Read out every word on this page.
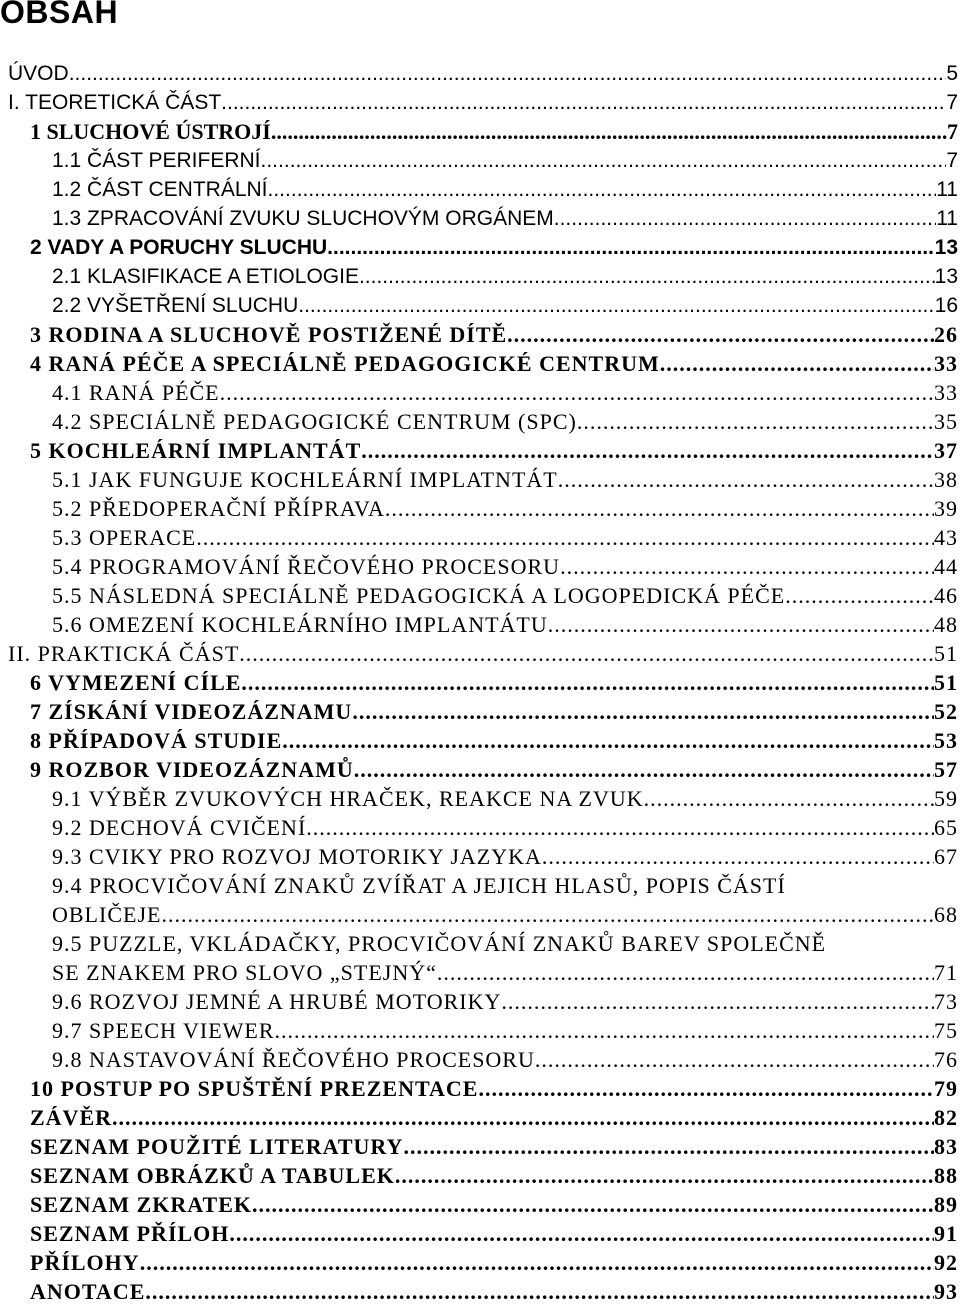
OBSAH
ÚVOD .....	5
I. TEORETICKÁ ČÁST .....	7
1 SLUCHOVÉ ÚSTROJÍ .....	7
1.1 ČÁST PERIFERNÍ .....	7
1.2 ČÁST CENTRÁLNÍ .....	11
1.3 ZPRACOVÁNÍ ZVUKU SLUCHOVÝM ORGÁNEM .....	11
2 VADY A PORUCHY SLUCHU .....	13
2.1 KLASIFIKACE A ETIOLOGIE .....	13
2.2 VYŠETŘENÍ SLUCHU .....	16
3 RODINA A SLUCHOVĚ POSTIŽENÉ DÍTĚ .....	26
4 RANÁ PÉČE A SPECIÁLNĚ PEDAGOGICKÉ CENTRUM .....	33
4.1 RANÁ PÉČE .....	33
4.2 SPECIÁLNĚ PEDAGOGICKÉ CENTRUM (SPC) .....	35
5 KOCHLEÁRNÍ IMPLANTÁT .....	37
5.1 JAK FUNGUJE KOCHLEÁRNÍ IMPLATNTÁT .....	38
5.2 PŘEDOPERAČNÍ PŘÍPRAVA .....	39
5.3 OPERACE .....	43
5.4 PROGRAMOVÁNÍ ŘEČOVÉHO PROCESORU .....	44
5.5 NÁSLEDNÁ SPECIÁLNĚ PEDAGOGICKÁ A LOGOPEDICKÁ PÉČE .....	46
5.6 OMEZENÍ KOCHLEÁRNÍHO IMPLANTÁTU .....	48
II. PRAKTICKÁ ČÁST .....	51
6 VYMEZENÍ CÍLE .....	51
7 ZÍSKÁNÍ VIDEOZÁZNAMU .....	52
8 PŘÍPADOVÁ STUDIE .....	53
9 ROZBOR VIDEOZÁZNAMŮ .....	57
9.1 VÝBĚR ZVUKOVÝCH HRAČEK, REAKCE NA ZVUK .....	59
9.2 DECHOVÁ CVIČENÍ .....	65
9.3 CVIKY PRO ROZVOJ MOTORIKY JAZYKA .....	67
9.4 PROCVIČOVÁNÍ ZNAKŮ ZVÍŘAT A JEJICH HLASŮ, POPIS ČÁSTÍ
OBLIČEJE .....	68
9.5 PUZZLE, VKLÁDAČKY, PROCVIČOVÁNÍ ZNAKŮ BAREV SPOLEČNĚ
SE ZNAKEM PRO SLOVO „STEJNÝ“ .....	71
9.6 ROZVOJ JEMNÉ A HRUBÉ MOTORIKY .....	73
9.7 SPEECH VIEWER .....	75
9.8 NASTAVOVÁNÍ ŘEČOVÉHO PROCESORU .....	76
10 POSTUP PO SPUŠTĚNÍ PREZENTACE .....	79
ZÁVĚR .....	82
SEZNAM POUŽITÉ LITERATURY .....	83
SEZNAM OBRÁZKŮ A TABULEK .....	88
SEZNAM ZKRATEK .....	89
SEZNAM PŘÍLOH .....	91
PŘÍLOHY .....	92
ANOTACE .....	93
